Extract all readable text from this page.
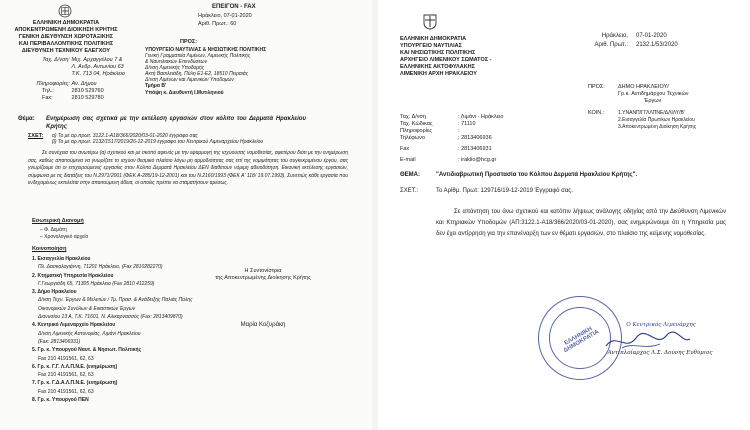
ΕΛΛΗΝΙΚΗ ΔΗΜΟΚΡΑΤΙΑ
ΑΠΟΚΕΝΤΡΩΜΕΝΗ ΔΙΟΙΚΗΣΗ ΚΡΗΤΗΣ
ΓΕΝΙΚΗ ΔΙΕΥΘΥΝΣΗ ΧΩΡΟΤΑΞΙΚΗΣ
ΚΑΙ ΠΕΡΙΒΑΛΛΟΝΤΙΚΗΣ ΠΟΛΙΤΙΚΗΣ
ΔΙΕΥΘΥΝΣΗ ΤΕΧΝΙΚΟΥ ΕΛΕΓΧΟΥ
Ταχ. Δ/νση: Μιχ. Αρχαγγέλου 7 &
Λ. Ανδρ. Αντωνίου 63
Τ.Κ. 713 04, Ηράκλειο
Πληροφορίες: Αν. Δήμου
Τηλ.:	2810 529760
Fax:	2810 529780
ΕΠΕΙΓΟΝ - FAX
Ηράκλειο, 07-01-2020
Αριθ. Πρωτ.: 60
ΠΡΟΣ:
ΥΠΟΥΡΓΕΙΟ ΝΑΥΤΙΛΙΑΣ & ΝΗΣΙΩΤΙΚΗΣ ΠΟΛΙΤΙΚΗΣ
Γενική Γραμματεία Λιμένων, Λιμενικής Πολιτικής
& Ναυτιλιακών Επενδύσεων
Δ/νση Λιμενικής Υποδομής
Ακτή Βασιλειάδη, Πύλη Ε1-Ε2, 18510 Πειραιάς
Δ/νση Λιμένων και Λιμενικών Υποδομών
Τμήμα Β'
Υπόψη κ. Διευθυντή Ι.Μυτιληνιού
Θέμα: Ενημέρωση σας σχετικά με την εκτέλεση εργασιών στον κόλπο του Δερματά Ηρακλείου Κρήτης
ΣΧΕΤ: α) Το με αρ.πρωτ. 3122.1-Α18/366/2020/03-01-2020 έγγραφο σας
β) Το με αρ.πρωτ. 2132/1517/2019/26-12-2019 έγγραφο του Κεντρικού Λιμεναρχείου Ηρακλείου
Σε συνέχεια του ανωτέρω (α) σχετικού και με σκοπό αφενός με την εφαρμογή της ισχύουσας νομοθεσίας, αφετέρου διότι με την ενημέρωση σας, καθώς απαιτούμενα να γνωρίζετε το ισχύον θεσμικό πλαίσιο λόγω μη αρμοδιότητας σας επί της νομιμότητας του συγκεκριμένου έργου, σας γνωρίζουμε ότι οι επιχειρούμενες εργασίες στον Κόλπο Δερματά Ηρακλείου ΔΕΝ διαθέτουν νόμιμη αδειοδότηση. Εικονική εκτέλεσης εργασιών, σύμφωνα με τις διατάξεις του Ν.2971/2001 (ΦΕΚ Α-285/19-12-2001) και του Ν.2160/1993 (ΦΕΚ Α' 118/ 19.07.1993). Συνεπώς κάθε εργασία που ενδεχομένως εκτελείται στην απαιτούμενη άδεια, οι οποίες πρέπει να σταματήσουν αμέσως.
Εσωτερική Διανομή
– Φ. Δεμάτη
– Χρονολογικό αρχείο
Κοινοποίηση
1. Εισαγγελία Ηρακλείου
Πλ. Δασκαλογιάννη, 71201 Ηράκλειο, (Fax 2810282270)
2. Κτηματική Υπηρεσία Ηρακλείου
Γ.Γεωργιάδη 65, 71305 Ηράκλειο (Fax 2810 412259)
3. Δήμο Ηρακλείου
Δ/νση Τεχν. Έργων & Μελετών / Τμ. Πρασ. & Ανάδειξης Παλιάς Πόλης
Οικονομικών Συνόλων & Εικαστικών Έργων
Διονυσίου 13 Α, Τ.Κ. 71601, Ν. Αλικαρνασσός (Fax: 2813409870)
4. Κεντρικό Λιμεναρχείο Ηρακλείου
Δ/νση Λιμενικής Αστυνομίας, Λιμάνι Ηρακλείου
(Fax: 2813406931)
5. Γρ. κ. Υπουργού Ναυτ. & Νησιωτ. Πολιτικής
Fax 210 4191561, 62, 63
6. Γρ. κ. Γ.Γ. Λ.Λ.Π.Ν.Ε. (ενημέρωση)
Fax 210 4191561, 62, 63
7. Γρ. κ. Γ.Δ.Α.Λ.Π.Ν.Ε. (ενημέρωση)
Fax 210 4191561, 62, 63
8. Γρ. κ. Υπουργού ΠΕΝ
Η Συντονίστρια
της Αποκεντρωμένης Διοίκησης Κρήτης
Μαρία Κοζυράκη
ΕΛΛΗΝΙΚΗ ΔΗΜΟΚΡΑΤΙΑ
ΥΠΟΥΡΓΕΙΟ ΝΑΥΤΙΛΙΑΣ
ΚΑΙ ΝΗΣΙΩΤΙΚΗΣ ΠΟΛΙΤΙΚΗΣ
ΑΡΧΗΓΕΙΟ ΛΙΜΕΝΙΚΟΥ ΣΩΜΑΤΟΣ -
ΕΛΛΗΝΙΚΗΣ ΑΚΤΟΦΥΛΑΚΗΣ
ΛΙΜΕΝΙΚΗ ΑΡΧΗ ΗΡΑΚΛΕΙΟΥ
Ηράκλειο, 07-01-2020
Αριθ. Πρωτ.: 2132.1/53/2020
Ταχ. Δ/νση	: Λιμάνι - Ηράκλειο
Ταχ. Κώδικας	: 71110
Πληροφορίες	:
Τηλέφωνο	: 2813406936
Fax	: 2813406931
E-mail	: iraklio@hcg.gr
ΠΡΟΣ: ΔΗΜΟ ΗΡΑΚΛΕΙΟΥ/
Γρ.κ. Αντιδημάρχου Τεχνικών
Έργων
ΚΟΙΝ.:	1.ΥΝΑΝΠ/ΓΓΛΛΠΝΕ/ΔΛΙΛΥ/Β'
2.Εισαγγελία Πρωτ/κων Ηρακλείου
3.Αποκεντρωμένη Διοίκηση Κρήτης
ΘΕΜΑ:	"Αντιδιαβρωτική Προστασία του Κόλπου Δερματά Ηρακλείου Κρήτης".
ΣΧΕΤ.:	Το Αρίθμ. Πρωτ: 129716/19-12-2019 Έγγραφό σας.
Σε απάντηση του άνω σχετικού και κατόπιν λήψεως ανάλογης οδηγίας από την Διεύθυνση Λιμενικών και Κτηριακών Υποδομών (ΑΠ:3122.1-Α18/366/2020/03-01-2020), σας ενημερώνουμε ότι η Υπηρεσία μας δεν έχει αντίρρηση για την επανέναρξη των εν θέματι εργασιών, στο πλαίσιο της κείμενης νομοθεσίας.
ΕΛΛΗΝΙΚΗ ΔΗΜΟΚΡΑΤΙΑ
Ο Κεντρικός Λιμενάρχης
Αντιπλοίαρχος Λ.Σ. Δούνης Ευθύμιος
